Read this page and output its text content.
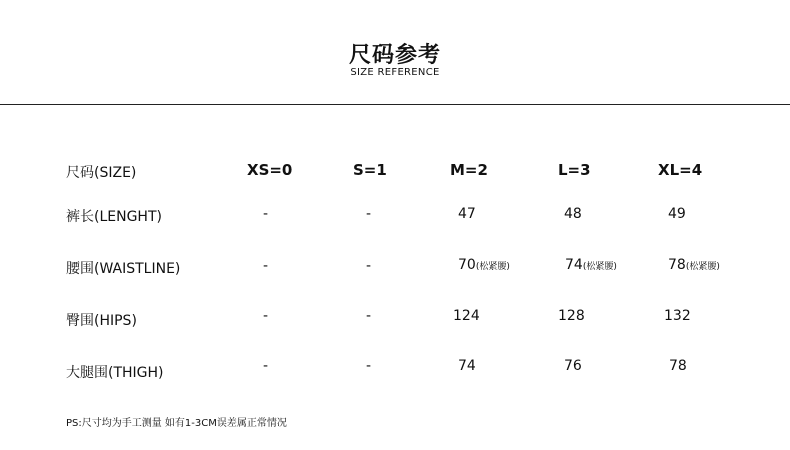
尺码参考
SIZE REFERENCE
尺码(SIZE)	XS=0	S=1	M=2	L=3	XL=4
裤长(LENGHT)	-	-	47	48	49
腰围(WAISTLINE)	-	-	70(松紧腰)	74(松紧腰)	78(松紧腰)
臀围(HIPS)	-	-	124	128	132
大腿围(THIGH)	-	-	74	76	78
PS:尺寸均为手工测量 如有1-3CM误差属正常情况
